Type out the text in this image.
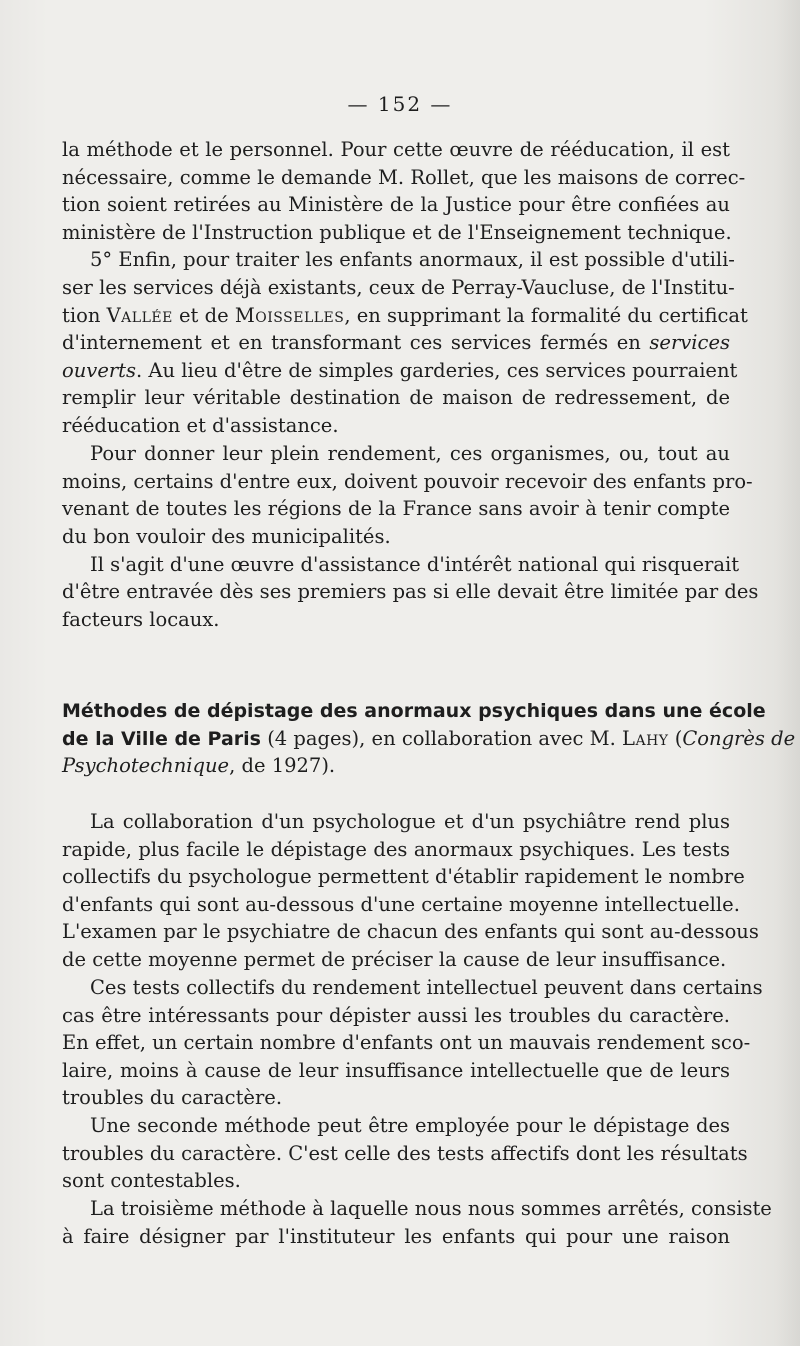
— 152 —
la méthode et le personnel. Pour cette œuvre de rééducation, il est
nécessaire, comme le demande M. Rollet, que les maisons de correc-
tion soient retirées au Ministère de la Justice pour être confiées au
ministère de l'Instruction publique et de l'Enseignement technique.
5° Enfin, pour traiter les enfants anormaux, il est possible d'utili-
ser les services déjà existants, ceux de Perray-Vaucluse, de l'Institu-
tion Vallée et de Moisselles, en supprimant la formalité du certificat
d'internement et en transformant ces services fermés en services
ouverts. Au lieu d'être de simples garderies, ces services pourraient
remplir leur véritable destination de maison de redressement, de
rééducation et d'assistance.
Pour donner leur plein rendement, ces organismes, ou, tout au
moins, certains d'entre eux, doivent pouvoir recevoir des enfants pro-
venant de toutes les régions de la France sans avoir à tenir compte
du bon vouloir des municipalités.
Il s'agit d'une œuvre d'assistance d'intérêt national qui risquerait
d'être entravée dès ses premiers pas si elle devait être limitée par des
facteurs locaux.
Méthodes de dépistage des anormaux psychiques dans une école
de la Ville de Paris (4 pages), en collaboration avec M. Lahy (Congrès de
Psychotechnique, de 1927).
La collaboration d'un psychologue et d'un psychiâtre rend plus
rapide, plus facile le dépistage des anormaux psychiques. Les tests
collectifs du psychologue permettent d'établir rapidement le nombre
d'enfants qui sont au-dessous d'une certaine moyenne intellectuelle.
L'examen par le psychiatre de chacun des enfants qui sont au-dessous
de cette moyenne permet de préciser la cause de leur insuffisance.
Ces tests collectifs du rendement intellectuel peuvent dans certains
cas être intéressants pour dépister aussi les troubles du caractère.
En effet, un certain nombre d'enfants ont un mauvais rendement sco-
laire, moins à cause de leur insuffisance intellectuelle que de leurs
troubles du caractère.
Une seconde méthode peut être employée pour le dépistage des
troubles du caractère. C'est celle des tests affectifs dont les résultats
sont contestables.
La troisième méthode à laquelle nous nous sommes arrêtés, consiste
à faire désigner par l'instituteur les enfants qui pour une raison
